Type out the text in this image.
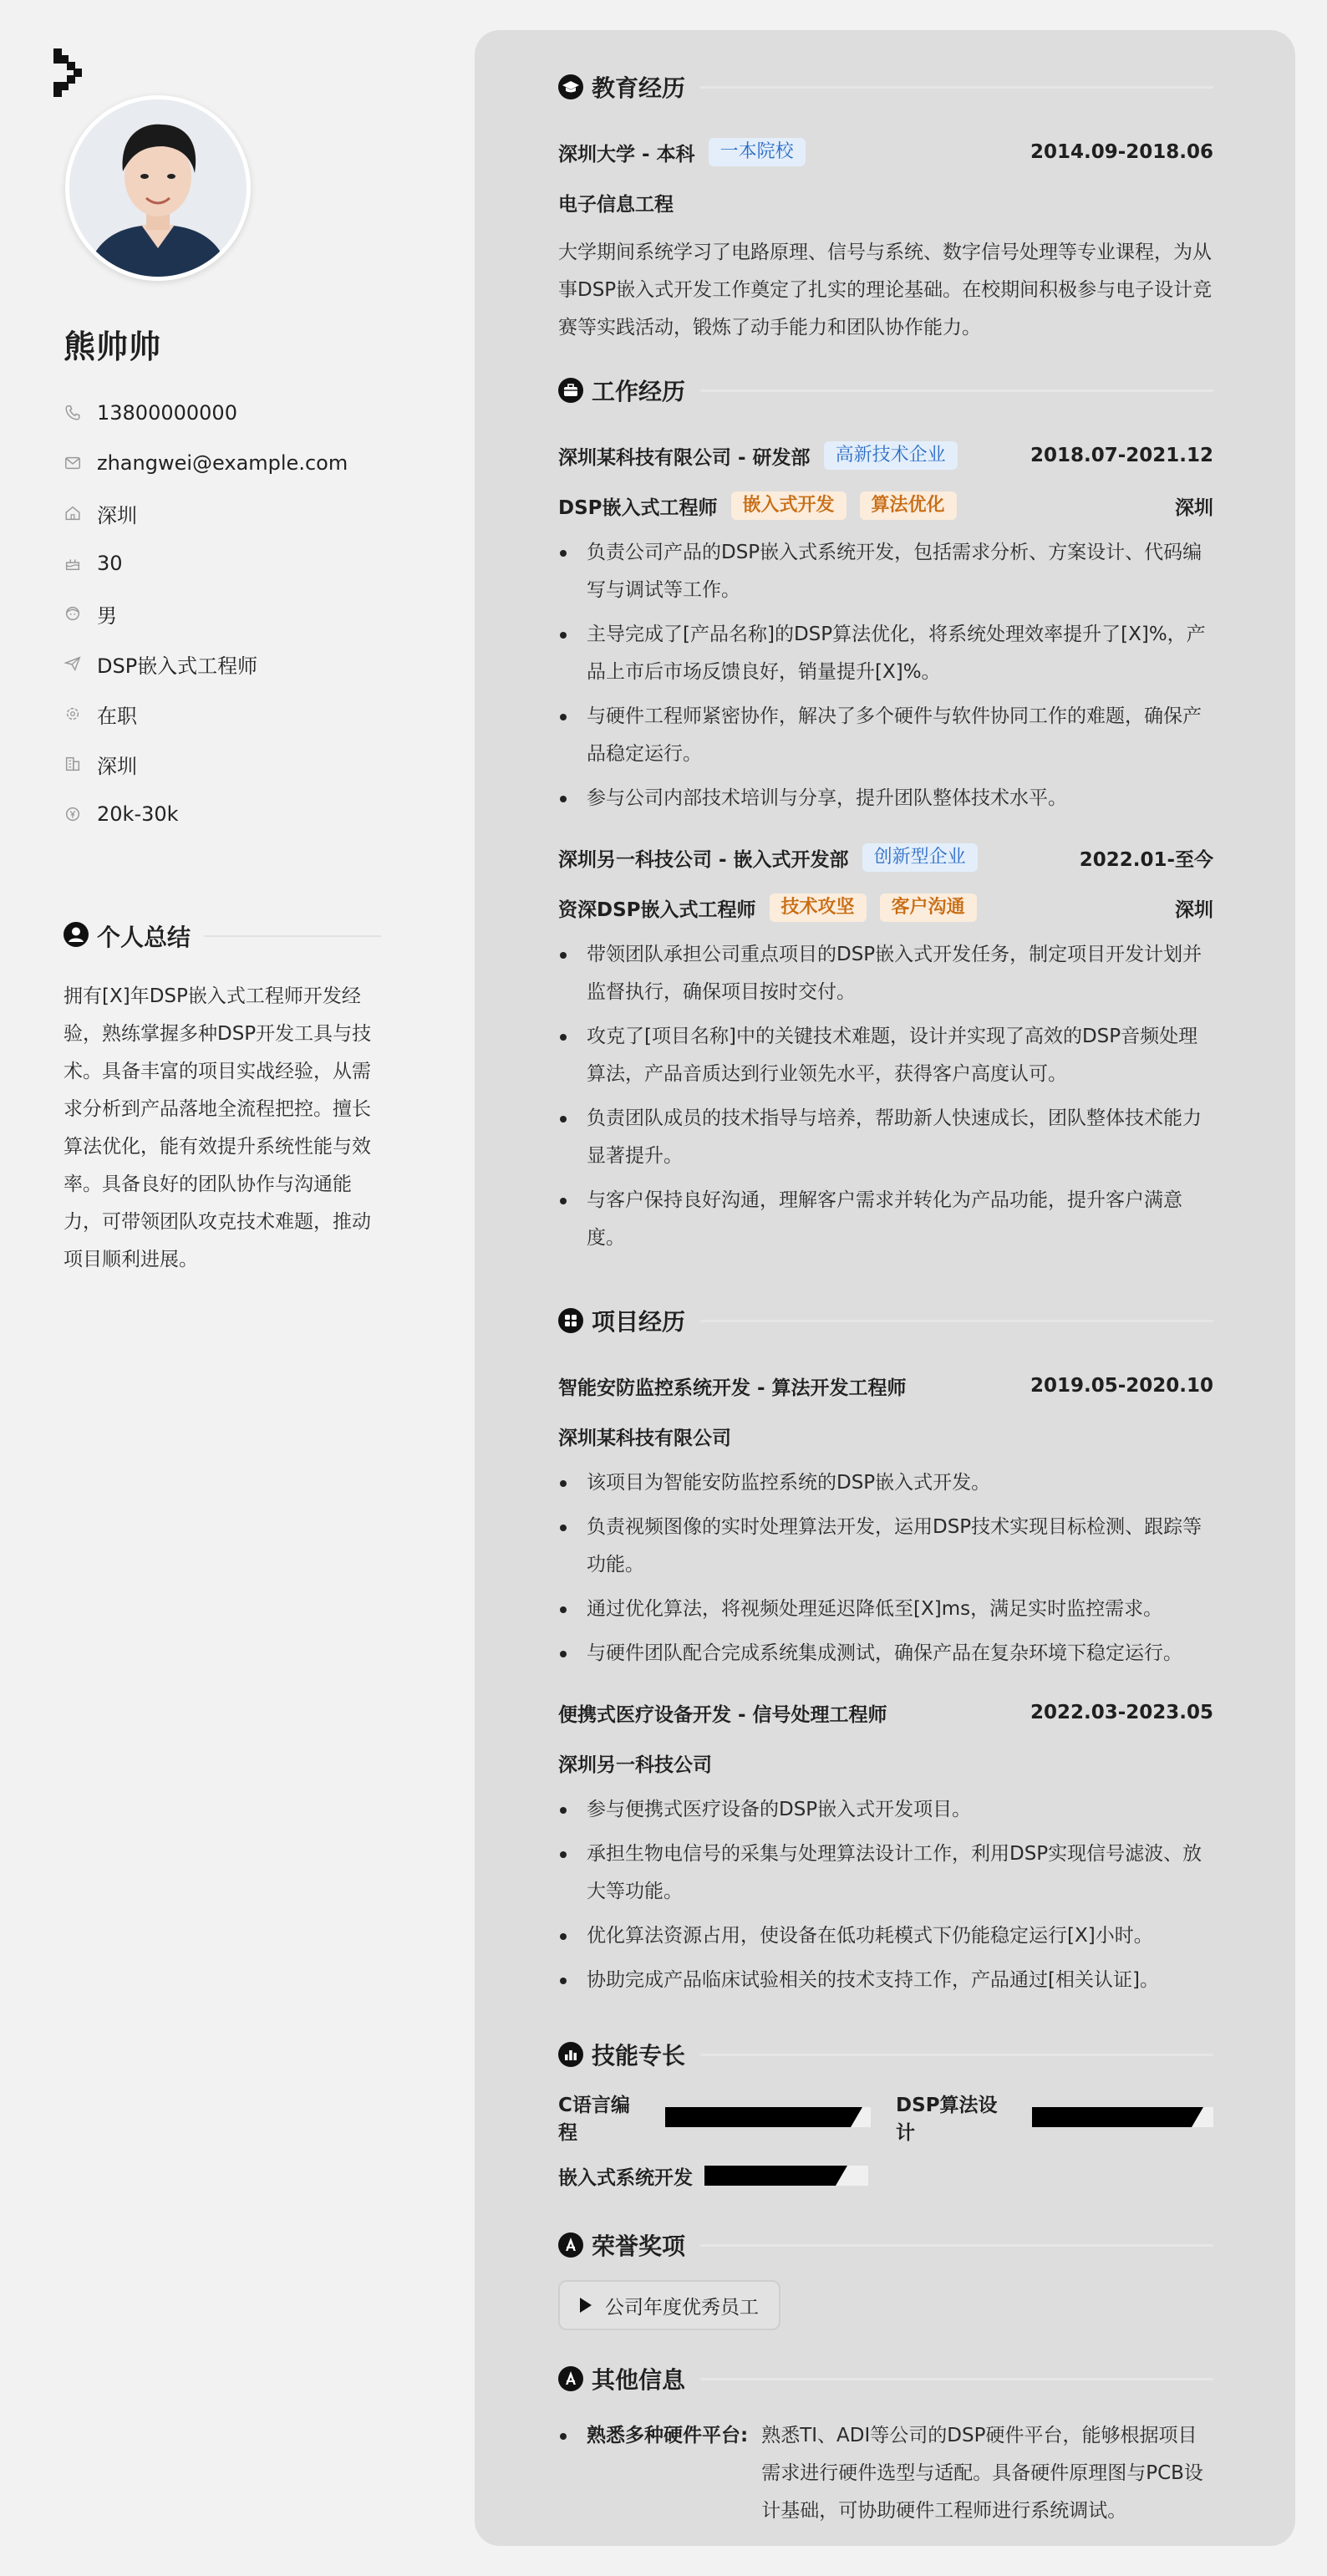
熊帅帅
13800000000
zhangwei@example.com
深圳
30
男
DSP嵌入式工程师
在职
深圳
20k-30k
个人总结
拥有[X]年DSP嵌入式工程师开发经验，熟练掌握多种DSP开发工具与技术。具备丰富的项目实战经验，从需求分析到产品落地全流程把控。擅长算法优化，能有效提升系统性能与效率。具备良好的团队协作与沟通能力，可带领团队攻克技术难题，推动项目顺利进展。
教育经历
深圳大学 - 本科	一本院校	2014.09-2018.06
电子信息工程
大学期间系统学习了电路原理、信号与系统、数字信号处理等专业课程，为从事DSP嵌入式开发工作奠定了扎实的理论基础。在校期间积极参与电子设计竞赛等实践活动，锻炼了动手能力和团队协作能力。
工作经历
深圳某科技有限公司 - 研发部	高新技术企业	2018.07-2021.12
DSP嵌入式工程师	嵌入式开发	算法优化	深圳
负责公司产品的DSP嵌入式系统开发，包括需求分析、方案设计、代码编写与调试等工作。
主导完成了[产品名称]的DSP算法优化，将系统处理效率提升了[X]%，产品上市后市场反馈良好，销量提升[X]%。
与硬件工程师紧密协作，解决了多个硬件与软件协同工作的难题，确保产品稳定运行。
参与公司内部技术培训与分享，提升团队整体技术水平。
深圳另一科技公司 - 嵌入式开发部	创新型企业	2022.01-至今
资深DSP嵌入式工程师	技术攻坚	客户沟通	深圳
带领团队承担公司重点项目的DSP嵌入式开发任务，制定项目开发计划并监督执行，确保项目按时交付。
攻克了[项目名称]中的关键技术难题，设计并实现了高效的DSP音频处理算法，产品音质达到行业领先水平，获得客户高度认可。
负责团队成员的技术指导与培养，帮助新人快速成长，团队整体技术能力显著提升。
与客户保持良好沟通，理解客户需求并转化为产品功能，提升客户满意度。
项目经历
智能安防监控系统开发 - 算法开发工程师	2019.05-2020.10
深圳某科技有限公司
该项目为智能安防监控系统的DSP嵌入式开发。
负责视频图像的实时处理算法开发，运用DSP技术实现目标检测、跟踪等功能。
通过优化算法，将视频处理延迟降低至[X]ms，满足实时监控需求。
与硬件团队配合完成系统集成测试，确保产品在复杂环境下稳定运行。
便携式医疗设备开发 - 信号处理工程师	2022.03-2023.05
深圳另一科技公司
参与便携式医疗设备的DSP嵌入式开发项目。
承担生物电信号的采集与处理算法设计工作，利用DSP实现信号滤波、放大等功能。
优化算法资源占用，使设备在低功耗模式下仍能稳定运行[X]小时。
协助完成产品临床试验相关的技术支持工作，产品通过[相关认证]。
技能专长
C语言编程
DSP算法设计
嵌入式系统开发
荣誉奖项
公司年度优秀员工
其他信息
熟悉多种硬件平台: 熟悉TI、ADI等公司的DSP硬件平台，能够根据项目需求进行硬件选型与适配。具备硬件原理图与PCB设计基础，可协助硬件工程师进行系统调试。
